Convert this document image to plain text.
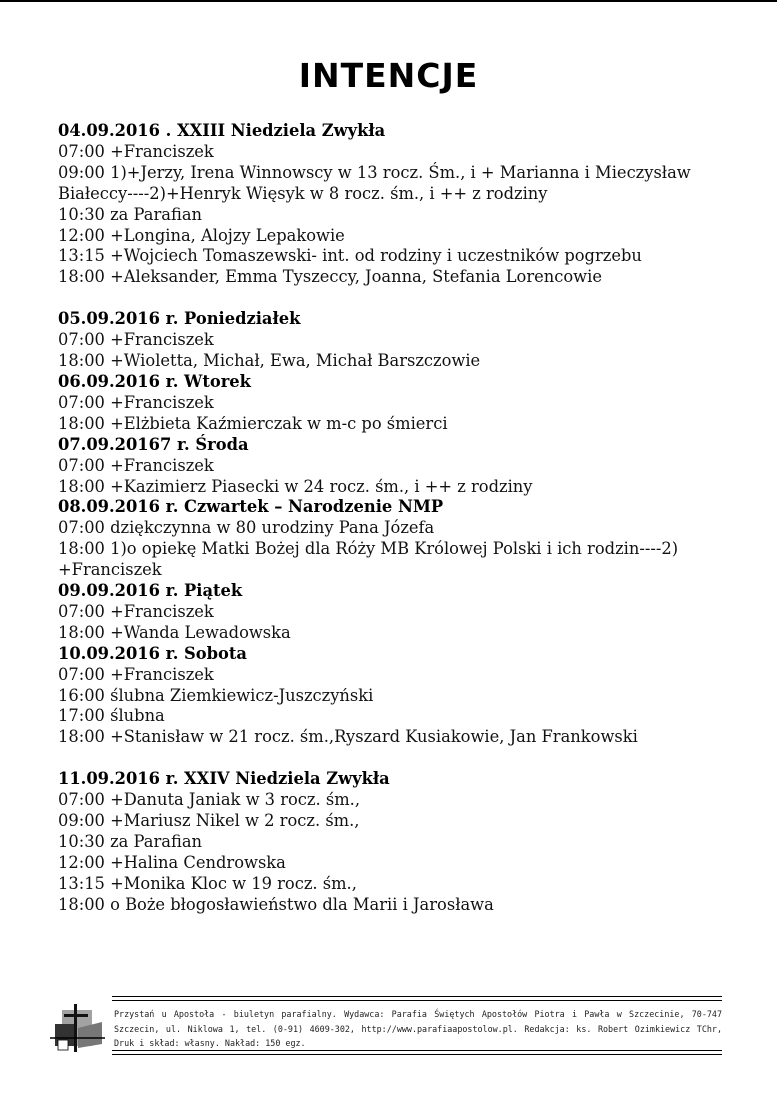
INTENCJE
04.09.2016 . XXIII Niedziela Zwykła
07:00 +Franciszek
09:00 1)+Jerzy, Irena Winnowscy w 13 rocz. Śm., i + Marianna i Mieczysław Białeccy----2)+Henryk Więsyk w 8 rocz. śm., i ++ z rodziny
10:30 za Parafian
12:00 +Longina, Alojzy Lepakowie
13:15 +Wojciech Tomaszewski- int. od rodziny i uczestników pogrzebu
18:00 +Aleksander, Emma Tyszeccy, Joanna, Stefania Lorencowie
05.09.2016 r. Poniedziałek
07:00 +Franciszek
18:00 +Wioletta, Michał, Ewa, Michał Barszczowie
06.09.2016 r. Wtorek
07:00 +Franciszek
18:00 +Elżbieta Kaźmierczak w m-c po śmierci
07.09.20167 r. Środa
07:00 +Franciszek
18:00 +Kazimierz Piasecki w 24 rocz. śm., i ++ z rodziny
08.09.2016 r. Czwartek – Narodzenie NMP
07:00 dziękczynna w 80 urodziny Pana Józefa
18:00 1)o opiekę Matki Bożej dla Róży MB Królowej Polski i ich rodzin----2) +Franciszek
09.09.2016 r. Piątek
07:00 +Franciszek
18:00 +Wanda Lewadowska
10.09.2016 r. Sobota
07:00 +Franciszek
16:00 ślubna Ziemkiewicz-Juszczyński
17:00 ślubna
18:00 +Stanisław w 21 rocz. śm.,Ryszard Kusiakowie, Jan Frankowski
11.09.2016 r. XXIV Niedziela Zwykła
07:00 +Danuta Janiak w 3 rocz. śm.,
09:00 +Mariusz Nikel w 2 rocz. śm.,
10:30 za Parafian
12:00 +Halina Cendrowska
13:15 +Monika Kloc w 19 rocz. śm.,
18:00 o Boże błogosławieństwo dla Marii i Jarosława
Przystań u Apostoła - biuletyn parafialny. Wydawca: Parafia Świętych Apostołów Piotra i Pawła w Szczecinie, 70-747 Szczecin, ul. Niklowa 1, tel. (0-91) 4609-302, http://www.parafiaapostolow.pl. Redakcja: ks. Robert Ozimkiewicz TChr, Druk i skład: własny. Nakład: 150 egz.
